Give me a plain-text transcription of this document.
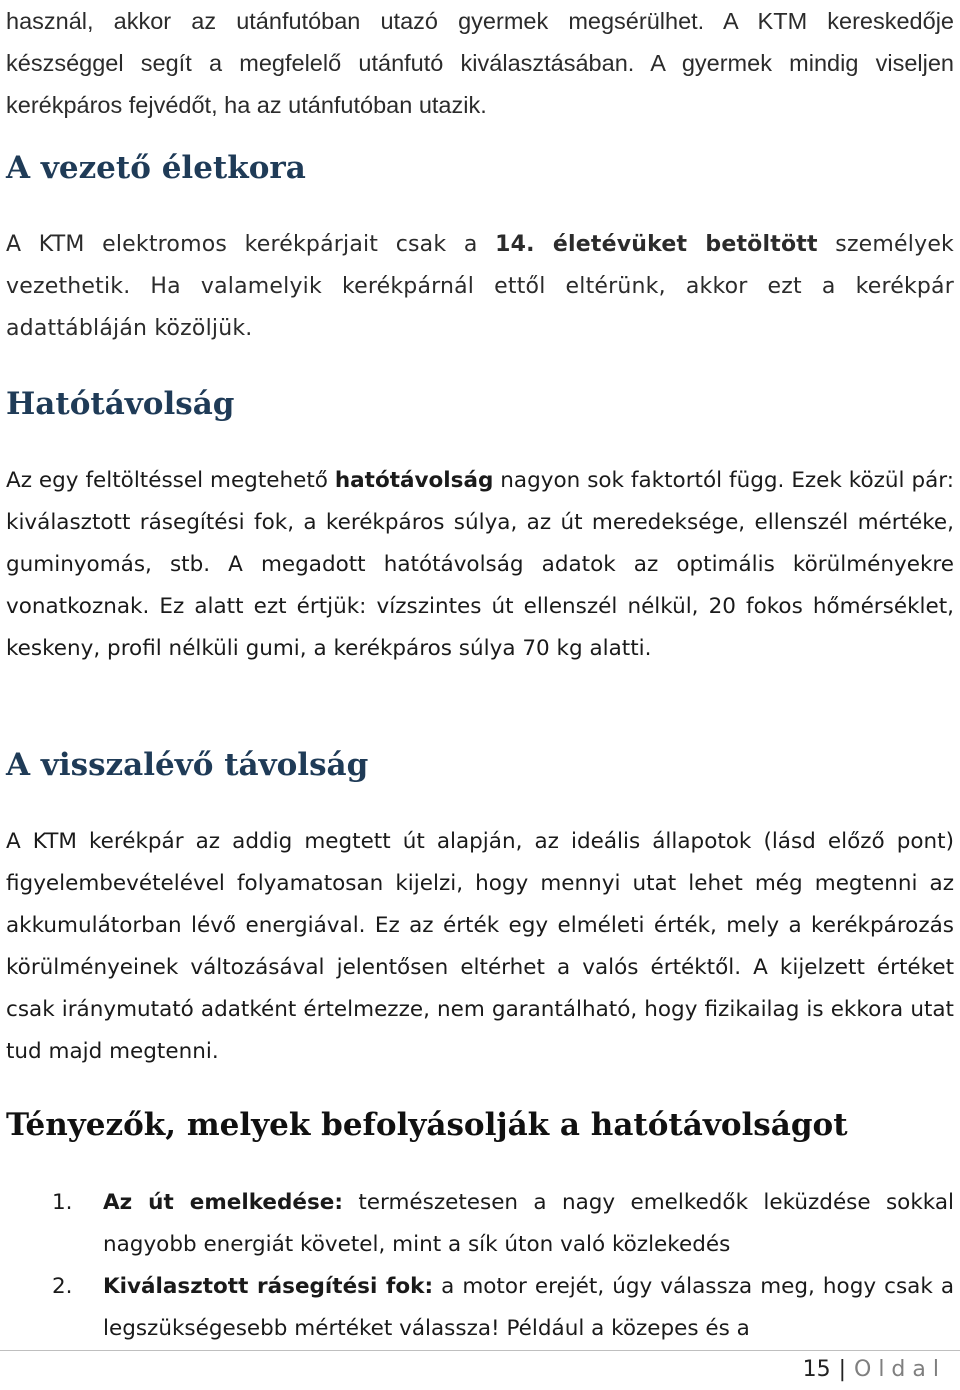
használ, akkor az utánfutóban utazó gyermek megsérülhet. A KTM kereskedője készséggel segít a megfelelő utánfutó kiválasztásában. A gyermek mindig viseljen kerékpáros fejvédőt, ha az utánfutóban utazik.

A vezető életkora

A KTM elektromos kerékpárjait csak a 14. életévüket betöltött személyek vezethetik. Ha valamelyik kerékpárnál ettől eltérünk, akkor ezt a kerékpár adattábláján közöljük.

Hatótávolság

Az egy feltöltéssel megtehető hatótávolság nagyon sok faktortól függ. Ezek közül pár: kiválasztott rásegítési fok, a kerékpáros súlya, az út meredeksége, ellenszél mértéke, guminyomás, stb. A megadott hatótávolság adatok az optimális körülményekre vonatkoznak. Ez alatt ezt értjük: vízszintes út ellenszél nélkül, 20 fokos hőmérséklet, keskeny, profil nélküli gumi, a kerékpáros súlya 70 kg alatti.

A visszalévő távolság

A KTM kerékpár az addig megtett út alapján, az ideális állapotok (lásd előző pont) figyelembevételével folyamatosan kijelzi, hogy mennyi utat lehet még megtenni az akkumulátorban lévő energiával. Ez az érték egy elméleti érték, mely a kerékpározás körülményeinek változásával jelentősen eltérhet a valós értéktől. A kijelzett értéket csak iránymutató adatként értelmezze, nem garantálható, hogy fizikailag is ekkora utat tud majd megtenni.

Tényezők, melyek befolyásolják a hatótávolságot
1. Az út emelkedése: természetesen a nagy emelkedők leküzdése sokkal nagyobb energiát követel, mint a sík úton való közlekedés
2. Kiválasztott rásegítési fok: a motor erejét, úgy válassza meg, hogy csak a legszükségesebb mértéket válassza! Például a közepes és a
15 | Oldal
